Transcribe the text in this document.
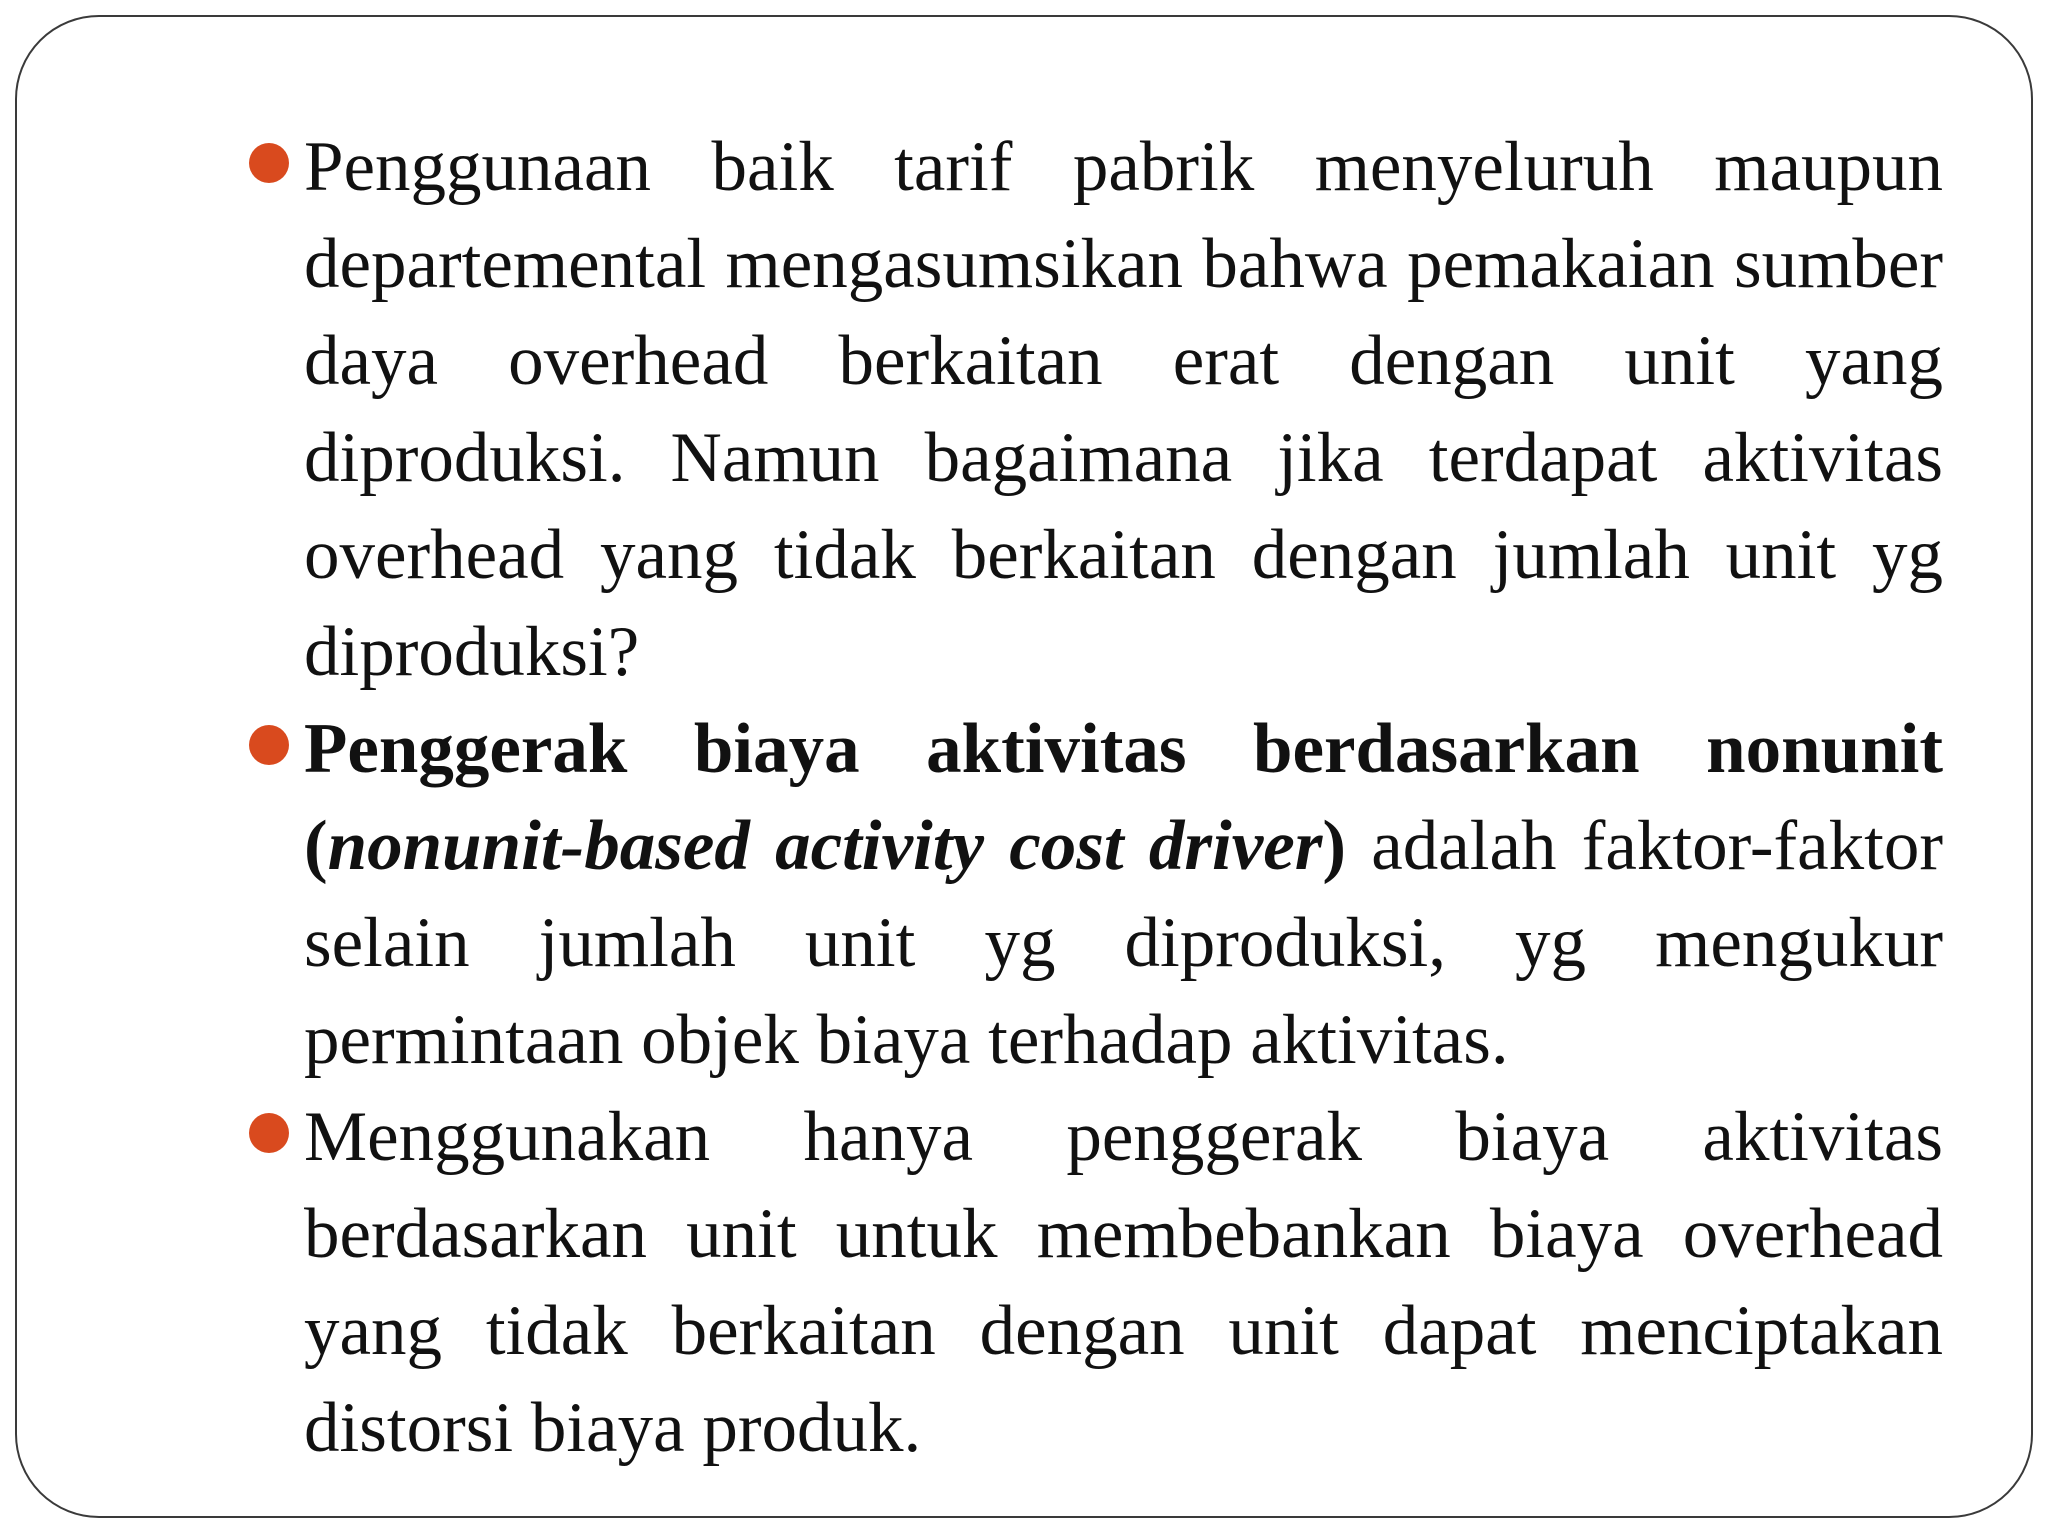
Penggunaan baik tarif pabrik menyeluruh maupun departemental mengasumsikan bahwa pemakaian sumber daya overhead berkaitan erat dengan unit yang diproduksi. Namun bagaimana jika terdapat aktivitas overhead yang tidak berkaitan dengan jumlah unit yg diproduksi?

Penggerak biaya aktivitas berdasarkan nonunit (nonunit-based activity cost driver) adalah faktor-faktor selain jumlah unit yg diproduksi, yg mengukur permintaan objek biaya terhadap aktivitas.

Menggunakan hanya penggerak biaya aktivitas berdasarkan unit untuk membebankan biaya overhead yang tidak berkaitan dengan unit dapat menciptakan distorsi biaya produk.
